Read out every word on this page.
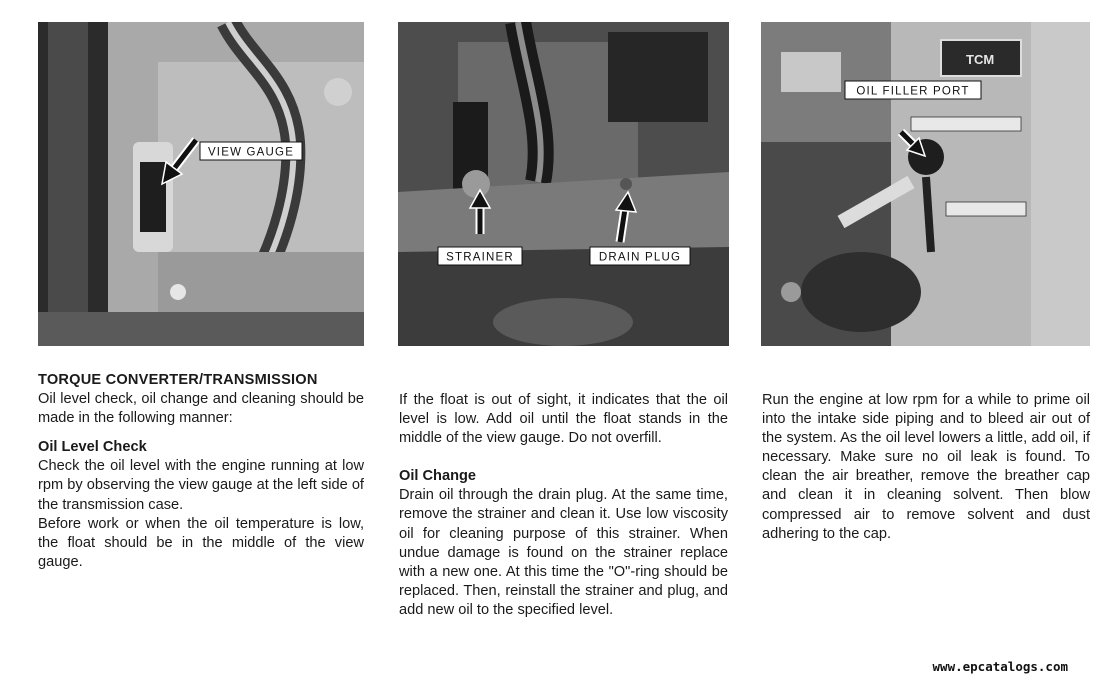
VIEW GAUGE
STRAINER	DRAIN PLUG
TCM
OIL FILLER PORT

TORQUE CONVERTER/TRANSMISSION

Oil level check, oil change and cleaning should be made in the following manner:

Oil Level Check

Check the oil level with the engine running at low rpm by observing the view gauge at the left side of the transmission case.

Before work or when the oil temperature is low, the float should be in the middle of the view gauge.

If the float is out of sight, it indicates that the oil level is low. Add oil until the float stands in the middle of the view gauge. Do not overfill.

Oil Change

Drain oil through the drain plug. At the same time, remove the strainer and clean it. Use low viscosity oil for cleaning purpose of this strainer. When undue damage is found on the strainer replace with a new one. At this time the "O"-ring should be replaced. Then, reinstall the strainer and plug, and add new oil to the specified level.

Run the engine at low rpm for a while to prime oil into the intake side piping and to bleed air out of the system. As the oil level lowers a little, add oil, if necessary. Make sure no oil leak is found. To clean the air breather, remove the breather cap and clean it in cleaning solvent. Then blow compressed air to remove solvent and dust adhering to the cap.

www.epcatalogs.com
